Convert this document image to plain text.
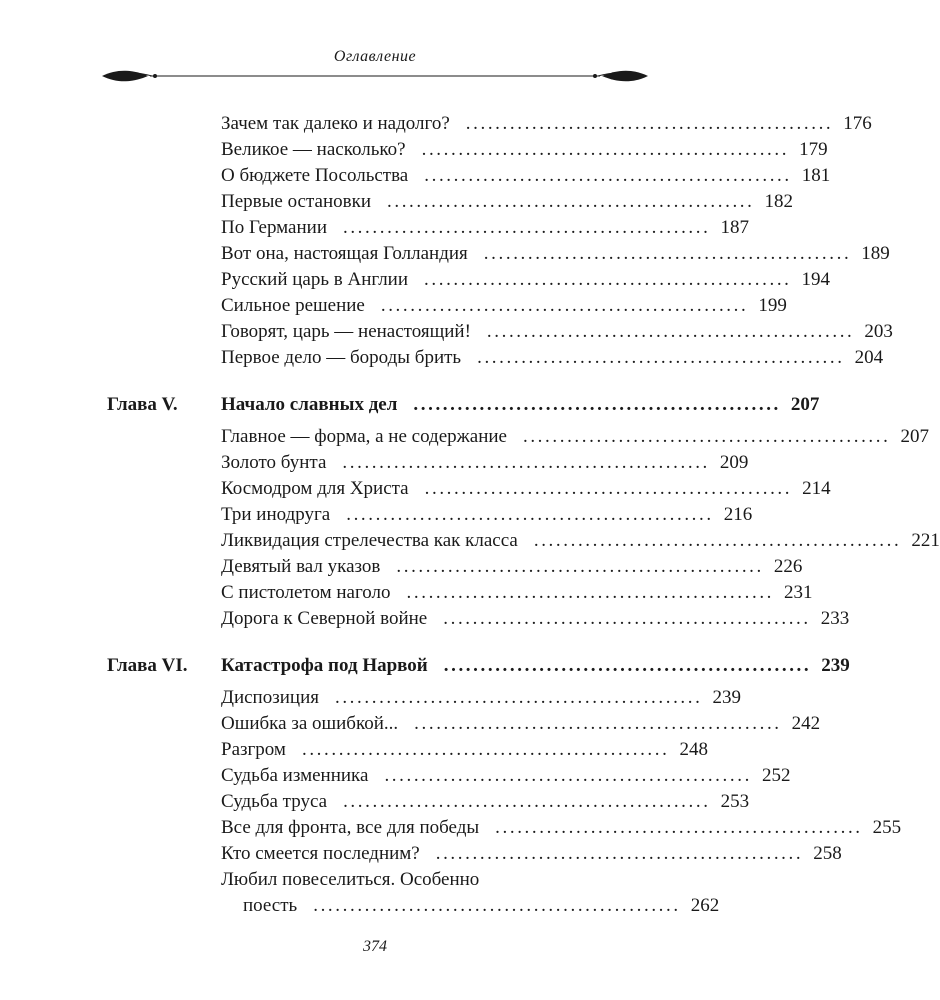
Оглавление
Зачем так далеко и надолго? .................................................. 176
Великое — насколько? .................................................. 179
О бюджете Посольства .................................................. 181
Первые остановки .................................................. 182
По Германии .................................................. 187
Вот она, настоящая Голландия .................................................. 189
Русский царь в Англии .................................................. 194
Сильное решение .................................................. 199
Говорят, царь — ненастоящий! .................................................. 203
Первое дело — бороды брить .................................................. 204
Глава V. Начало славных дел .................................................. 207
Главное — форма, а не содержание .................................................. 207
Золото бунта .................................................. 209
Космодром для Христа .................................................. 214
Три инодруга .................................................. 216
Ликвидация стрелечества как класса .................................................. 221
Девятый вал указов .................................................. 226
С пистолетом наголо .................................................. 231
Дорога к Северной войне .................................................. 233
Глава VI. Катастрофа под Нарвой .................................................. 239
Диспозиция .................................................. 239
Ошибка за ошибкой... .................................................. 242
Разгром .................................................. 248
Судьба изменника .................................................. 252
Судьба труса .................................................. 253
Все для фронта, все для победы .................................................. 255
Кто смеется последним? .................................................. 258
Любил повеселиться. Особенно
поесть .................................................. 262
374
